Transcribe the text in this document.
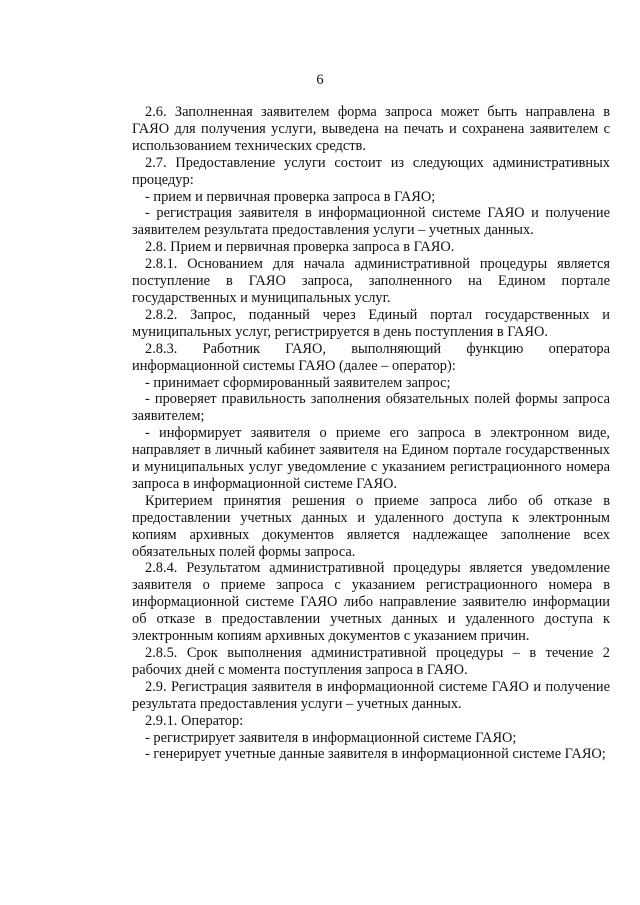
6

2.6. Заполненная заявителем форма запроса может быть направлена в ГАЯО для получения услуги, выведена на печать и сохранена заявителем с использованием технических средств.

2.7. Предоставление услуги состоит из следующих административных процедур:

- прием и первичная проверка запроса в ГАЯО;

- регистрация заявителя в информационной системе ГАЯО и получение заявителем результата предоставления услуги – учетных данных.

2.8. Прием и первичная проверка запроса в ГАЯО.

2.8.1. Основанием для начала административной процедуры является поступление в ГАЯО запроса, заполненного на Едином портале государственных и муниципальных услуг.

2.8.2. Запрос, поданный через Единый портал государственных и муниципальных услуг, регистрируется в день поступления в ГАЯО.

2.8.3. Работник ГАЯО, выполняющий функцию оператора информационной системы ГАЯО (далее – оператор):

- принимает сформированный заявителем запрос;

- проверяет правильность заполнения обязательных полей формы запроса заявителем;

- информирует заявителя о приеме его запроса в электронном виде, направляет в личный кабинет заявителя на Едином портале государственных и муниципальных услуг уведомление с указанием регистрационного номера запроса в информационной системе ГАЯО.

Критерием принятия решения о приеме запроса либо об отказе в предоставлении учетных данных и удаленного доступа к электронным копиям архивных документов является надлежащее заполнение всех обязательных полей формы запроса.

2.8.4. Результатом административной процедуры является уведомление заявителя о приеме запроса с указанием регистрационного номера в информационной системе ГАЯО либо направление заявителю информации об отказе в предоставлении учетных данных и удаленного доступа к электронным копиям архивных документов с указанием причин.

2.8.5. Срок выполнения административной процедуры – в течение 2 рабочих дней с момента поступления запроса в ГАЯО.

2.9. Регистрация заявителя в информационной системе ГАЯО и получение результата предоставления услуги – учетных данных.

2.9.1. Оператор:

- регистрирует заявителя в информационной системе ГАЯО;

- генерирует учетные данные заявителя в информационной системе ГАЯО;
